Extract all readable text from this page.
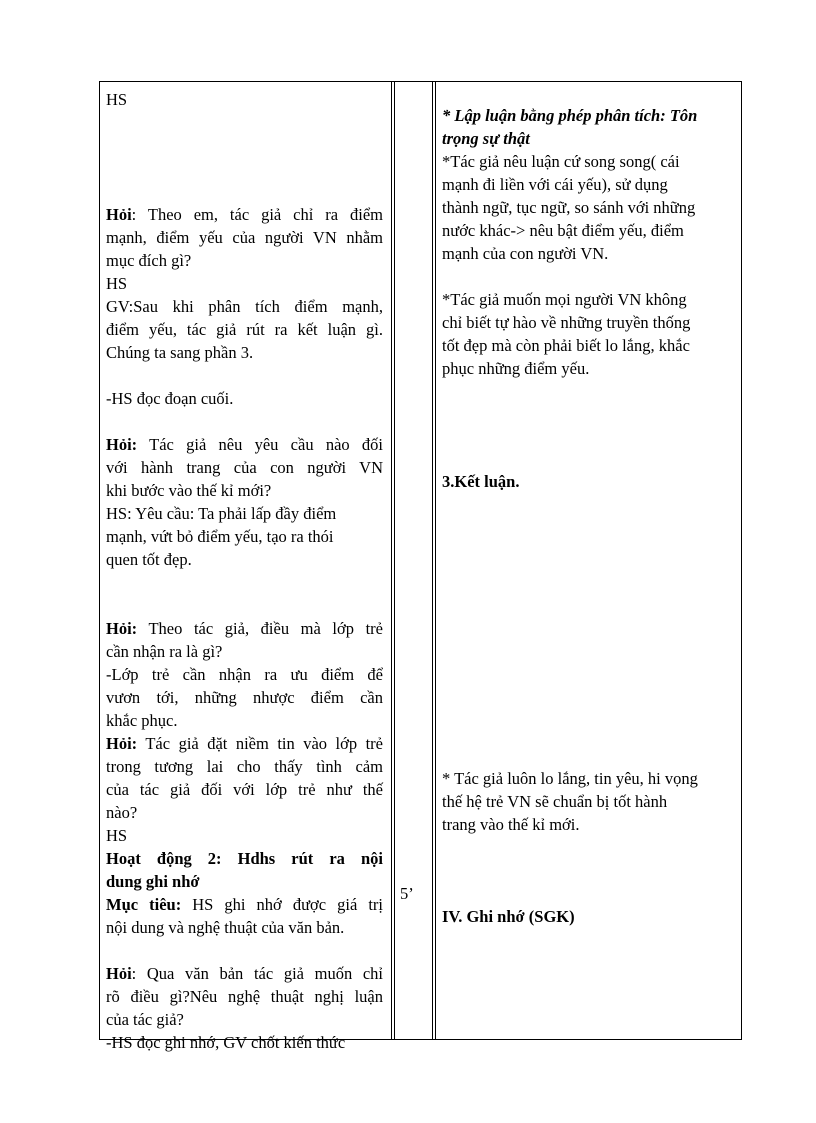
HS
Hỏi: Theo em, tác giả chỉ ra điểm
mạnh, điểm yếu của người VN nhằm
mục đích gì?
HS
GV:Sau khi phân tích điểm mạnh,
điểm yếu, tác giả rút ra kết luận gì.
Chúng ta sang phần 3.
-HS đọc đoạn cuối.
Hỏi: Tác giả nêu yêu cầu nào đối
với hành trang của con người VN
khi bước vào thế kỉ mới?
HS: Yêu cầu: Ta phải lấp đầy điểm
mạnh, vứt bỏ điểm yếu, tạo ra thói
quen tốt đẹp.
Hỏi: Theo tác giả, điều mà lớp trẻ
cần nhận ra là gì?
-Lớp trẻ cần nhận ra ưu điểm để
vươn tới, những nhược điểm cần
khắc phục.
Hỏi: Tác giả đặt niềm tin vào lớp trẻ
trong tương lai cho thấy tình cảm
của tác giả đối với lớp trẻ như thế
nào?
HS
Hoạt động 2: Hdhs rút ra nội
dung ghi nhớ
Mục tiêu: HS ghi nhớ được giá trị
nội dung và nghệ thuật của văn bản.
Hỏi: Qua văn bản tác giả muốn chỉ
rõ điều gì?Nêu nghệ thuật nghị luận
của tác giả?
-HS đọc ghi nhớ, GV chốt kiến thức
5’
* Lập luận bằng phép phân tích: Tôn
trọng sự thật
*Tác giả nêu luận cứ song song( cái
mạnh đi liền với cái yếu), sử dụng
thành ngữ, tục ngữ, so sánh với những
nước khác-> nêu bật điểm yếu, điểm
mạnh của con người VN.
*Tác giả muốn mọi người VN không
chỉ biết tự hào về những truyền thống
tốt đẹp mà còn phải biết lo lắng, khắc
phục những điểm yếu.
3.Kết luận.
* Tác giả luôn lo lắng, tin yêu, hi vọng
thế hệ trẻ VN sẽ chuẩn bị tốt hành
trang vào thế kỉ mới.
IV. Ghi nhớ (SGK)
